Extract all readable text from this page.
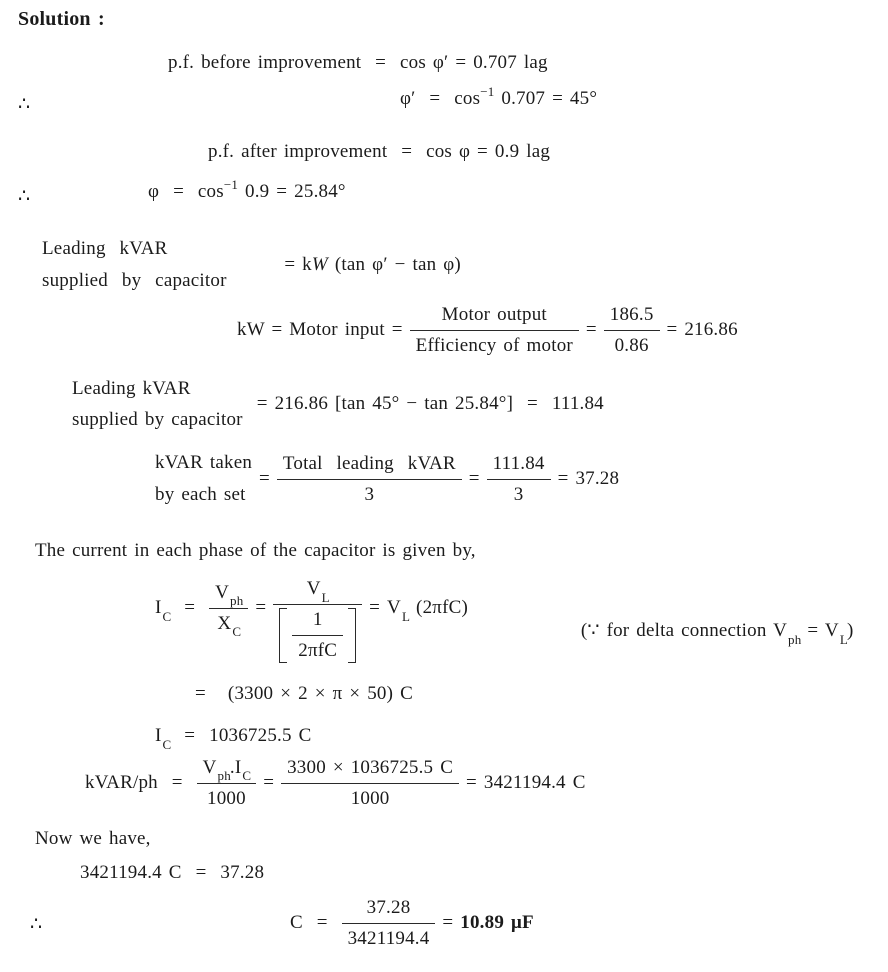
Solution :
p.f. before improvement = cos φ′ = 0.707 lag
∴	$\varphi' = \cos^{-1} 0.707 = 45^\circ$
p.f. after improvement = cos φ = 0.9 lag
∴	$\varphi = \cos^{-1} 0.9 = 25.84^\circ$
Leading  kVAR
supplied  by  capacitor

= kW (tan φ′ − tan φ)

kW = Motor input = $\frac{\text{Motor output}}{\text{Efficiency of motor}} = \frac{186.5}{0.86} = 216.86$
Leading kVAR
supplied by capacitor
= 216.86 [tan 45° − tan 25.84°]  =  111.84
kVAR taken
by each set
= $\frac{\text{Total  leading  kVAR}}{3} = \frac{111.84}{3} = 37.28$
The current in each phase of the capacitor is given by,
$I_C = \frac{V_{ph}}{X_C} = \frac{V_L}{\frac{1}{\text{2πfC}}} = V_L$ (2πfC)

(∵ for delta connection $V_{ph} = V_L$)

= (3300 × 2 × π × 50) C
$I_C = 1036725.5$ C
kVAR/ph = $\frac{V_{ph}.I_C}{1000} = \frac{3300 \times 1036725.5 C}{1000} = 3421194.4$ C
Now we have,
3421194.4 C = 37.28
∴	$C = \frac{37.28}{3421194.4} = 10.89$ μF
